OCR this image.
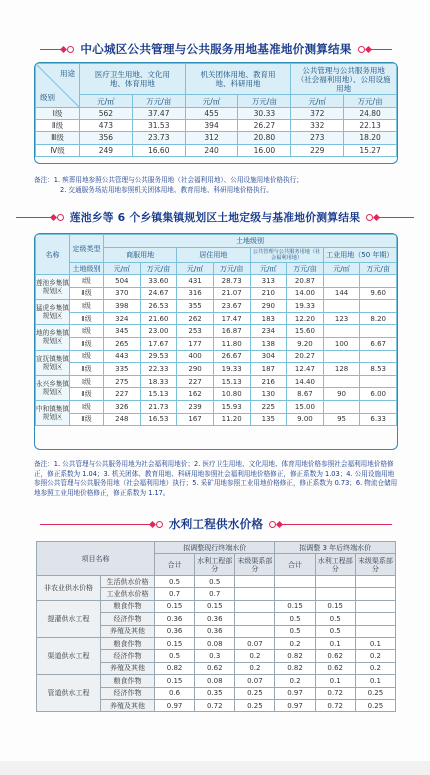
中心城区公共管理与公共服务用地基准地价测算结果
用途
级别	医疗卫生用地、文化用地、体育用地		机关团体用地、教育用地、科研用地		公共管理与公共服务用地（社会福利用地）、公用设施用地	
	元/㎡	万元/亩	元/㎡	万元/亩	元/㎡	万元/亩
Ⅰ级	562	37.47	455	30.33	372	24.80
Ⅱ级	473	31.53	394	26.27	332	22.13
Ⅲ级	356	23.73	312	20.80	273	18.20
Ⅳ级	249	16.60	240	16.00	229	15.27
备注：1. 殡葬用地参照公共管理与公共服务用地（社会福利用地）、公用设施用地价格执行；
2. 交通服务场站用地参照机关团体用地、教育用地、科研用地价格执行。
莲池乡等 6 个乡镇集镇规划区土地定级与基准地价测算结果
名称	定级类型	土地级别							
		商服用地		居住用地		公共管理与公共服务用地（社会福利用地）		工业用地（50 年期）	
	土地级别	元/㎡	万元/亩	元/㎡	万元/亩	元/㎡	万元/亩	元/㎡	万元/亩
莲池乡集镇规划区	Ⅰ级	504	33.60	431	28.73	313	20.87		
	Ⅱ级	370	24.67	316	21.07	210	14.00	144	9.60
猛虎乡集镇规划区	Ⅰ级	398	26.53	355	23.67	290	19.33		
	Ⅱ级	324	21.60	262	17.47	183	12.20	123	8.20
地的乡集镇规划区	Ⅰ级	345	23.00	253	16.87	234	15.60		
	Ⅱ级	265	17.67	177	11.80	138	9.20	100	6.67
宣抚镇集镇规划区	Ⅰ级	443	29.53	400	26.67	304	20.27		
	Ⅱ级	335	22.33	290	19.33	187	12.47	128	8.53
永兴乡集镇规划区	Ⅰ级	275	18.33	227	15.13	216	14.40		
	Ⅱ级	227	15.13	162	10.80	130	8.67	90	6.00
中和镇集镇规划区	Ⅰ级	326	21.73	239	15.93	225	15.00		
	Ⅱ级	248	16.53	167	11.20	135	9.00	95	6.33
备注：1. 公共管理与公共服务用地为社会福利用地价；2. 医疗卫生用地、文化用地、体育用地价格参照社会福利用地价格修正，修正系数为 1.04；3. 机关团体、教育用地、科研用地参照社会福利用地价格修正，修正系数为 1.03；4. 公用设施用地参照公共管理与公共服务用地（社会福利用地）执行；5. 采矿用地参照工业用地价格修正，修正系数为 0.73；6. 物流仓储用地参照工业用地价格修正，修正系数为 1.17。
水利工程供水价格
项目名称		拟调整现行终端水价			拟调整 3 年后终端水价		
		合计	水利工程部分	末级渠系部分	合计	水利工程部分	末级渠系部分
非农业供水价格	生活供水价格	0.5	0.5				
	工业供水价格	0.7	0.7				
提灌供水工程	粮食作物	0.15	0.15		0.15	0.15	
	经济作物	0.36	0.36		0.5	0.5	
	养殖及其他	0.36	0.36		0.5	0.5	
渠道供水工程	粮食作物	0.15	0.08	0.07	0.2	0.1	0.1
	经济作物	0.5	0.3	0.2	0.82	0.62	0.2
	养殖及其他	0.82	0.62	0.2	0.82	0.62	0.2
管道供水工程	粮食作物	0.15	0.08	0.07	0.2	0.1	0.1
	经济作物	0.6	0.35	0.25	0.97	0.72	0.25
	养殖及其他	0.97	0.72	0.25	0.97	0.72	0.25
